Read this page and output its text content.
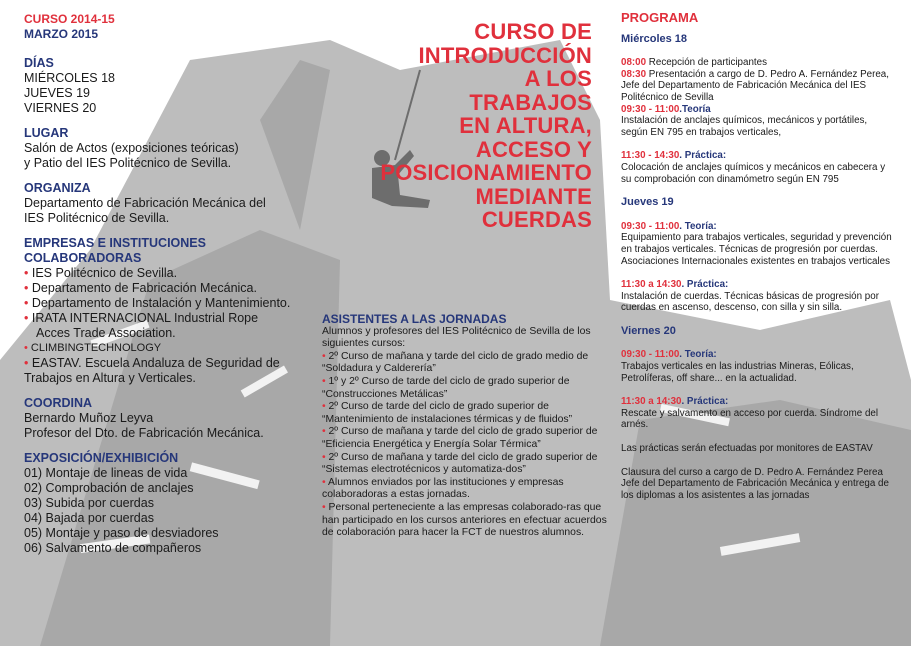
CURSO 2014-15
MARZO 2015
DÍAS
MIÉRCOLES 18
JUEVES 19
VIERNES 20
LUGAR
Salón de Actos (exposiciones teóricas)
y Patio del IES Politécnico de Sevilla.
ORGANIZA
Departamento de Fabricación Mecánica del
IES Politécnico de Sevilla.
EMPRESAS E INSTITUCIONES
COLABORADORAS
• IES Politécnico de Sevilla.
• Departamento de Fabricación Mecánica.
• Departamento de Instalación y Mantenimiento.
• IRATA INTERNACIONAL Industrial Rope
Acces Trade Association.
• CLIMBINGTECHNOLOGY
• EASTAV. Escuela Andaluza de Seguridad de
Trabajos en Altura y Verticales.
COORDINA
Bernardo Muñoz Leyva
Profesor del Dto. de Fabricación Mecánica.
EXPOSICIÓN/EXHIBICIÓN
01) Montaje de lineas de vida
02) Comprobación de anclajes
03) Subida por cuerdas
04) Bajada por cuerdas
05) Montaje y paso de desviadores
06) Salvamento de compañeros
CURSO DE
INTRODUCCIÓN
A LOS
TRABAJOS
EN ALTURA,
ACCESO Y
POSICIONAMIENTO
MEDIANTE
CUERDAS
ASISTENTES A LAS JORNADAS
Alumnos y profesores del IES Politécnico de Sevilla de los siguientes cursos:
• 2º Curso de mañana y tarde del ciclo de grado medio de “Soldadura y Calderería”
• 1º y 2º Curso de tarde del ciclo de grado superior de “Construcciones Metálicas”
• 2º Curso de tarde del ciclo de grado superior de “Mantenimiento de instalaciones térmicas y de fluidos”
• 2º Curso de mañana y tarde del ciclo de grado superior de “Eficiencia Energética y Energía Solar Térmica”
• 2º Curso de mañana y tarde del ciclo de grado superior de “Sistemas electrotécnicos y automatiza-dos”
• Alumnos enviados por las instituciones y empresas colaboradoras a estas jornadas.
• Personal perteneciente a las empresas colaborado-ras que han participado en los cursos anteriores en efectuar acuerdos de colaboración para hacer la FCT de nuestros alumnos.
PROGRAMA
Miércoles 18
08:00 Recepción de participantes
08:30 Presentación a cargo de D. Pedro A. Fernández Perea, Jefe del Departamento de Fabricación Mecánica del IES Politécnico de Sevilla
09:30 - 11:00.Teoría
Instalación de anclajes químicos, mecánicos y portátiles, según EN 795 en trabajos verticales,
11:30 - 14:30. Práctica:
Colocación de anclajes químicos y mecánicos en cabecera y su comprobación con dinamómetro según EN 795
Jueves 19
09:30 - 11:00. Teoría:
Equipamiento para trabajos verticales, seguridad y prevención en trabajos verticales. Técnicas de progresión por cuerdas. Asociaciones Internacionales existentes en trabajos verticales
11:30 a 14:30. Práctica:
Instalación de cuerdas. Técnicas básicas de progresión por cuerdas en ascenso, descenso, con silla y sin silla.
Viernes 20
09:30 - 11:00. Teoría:
Trabajos verticales en las industrias Mineras, Eólicas, Petrolíferas, off share... en la actualidad.
11:30 a 14:30. Práctica:
Rescate y salvamento en acceso por cuerda. Síndrome del arnés.
Las prácticas serán efectuadas por monitores de EASTAV
Clausura del curso a cargo de D. Pedro A. Fernández Perea Jefe del Departamento de Fabricación Mecánica y entrega de los diplomas a los asistentes a las jornadas
